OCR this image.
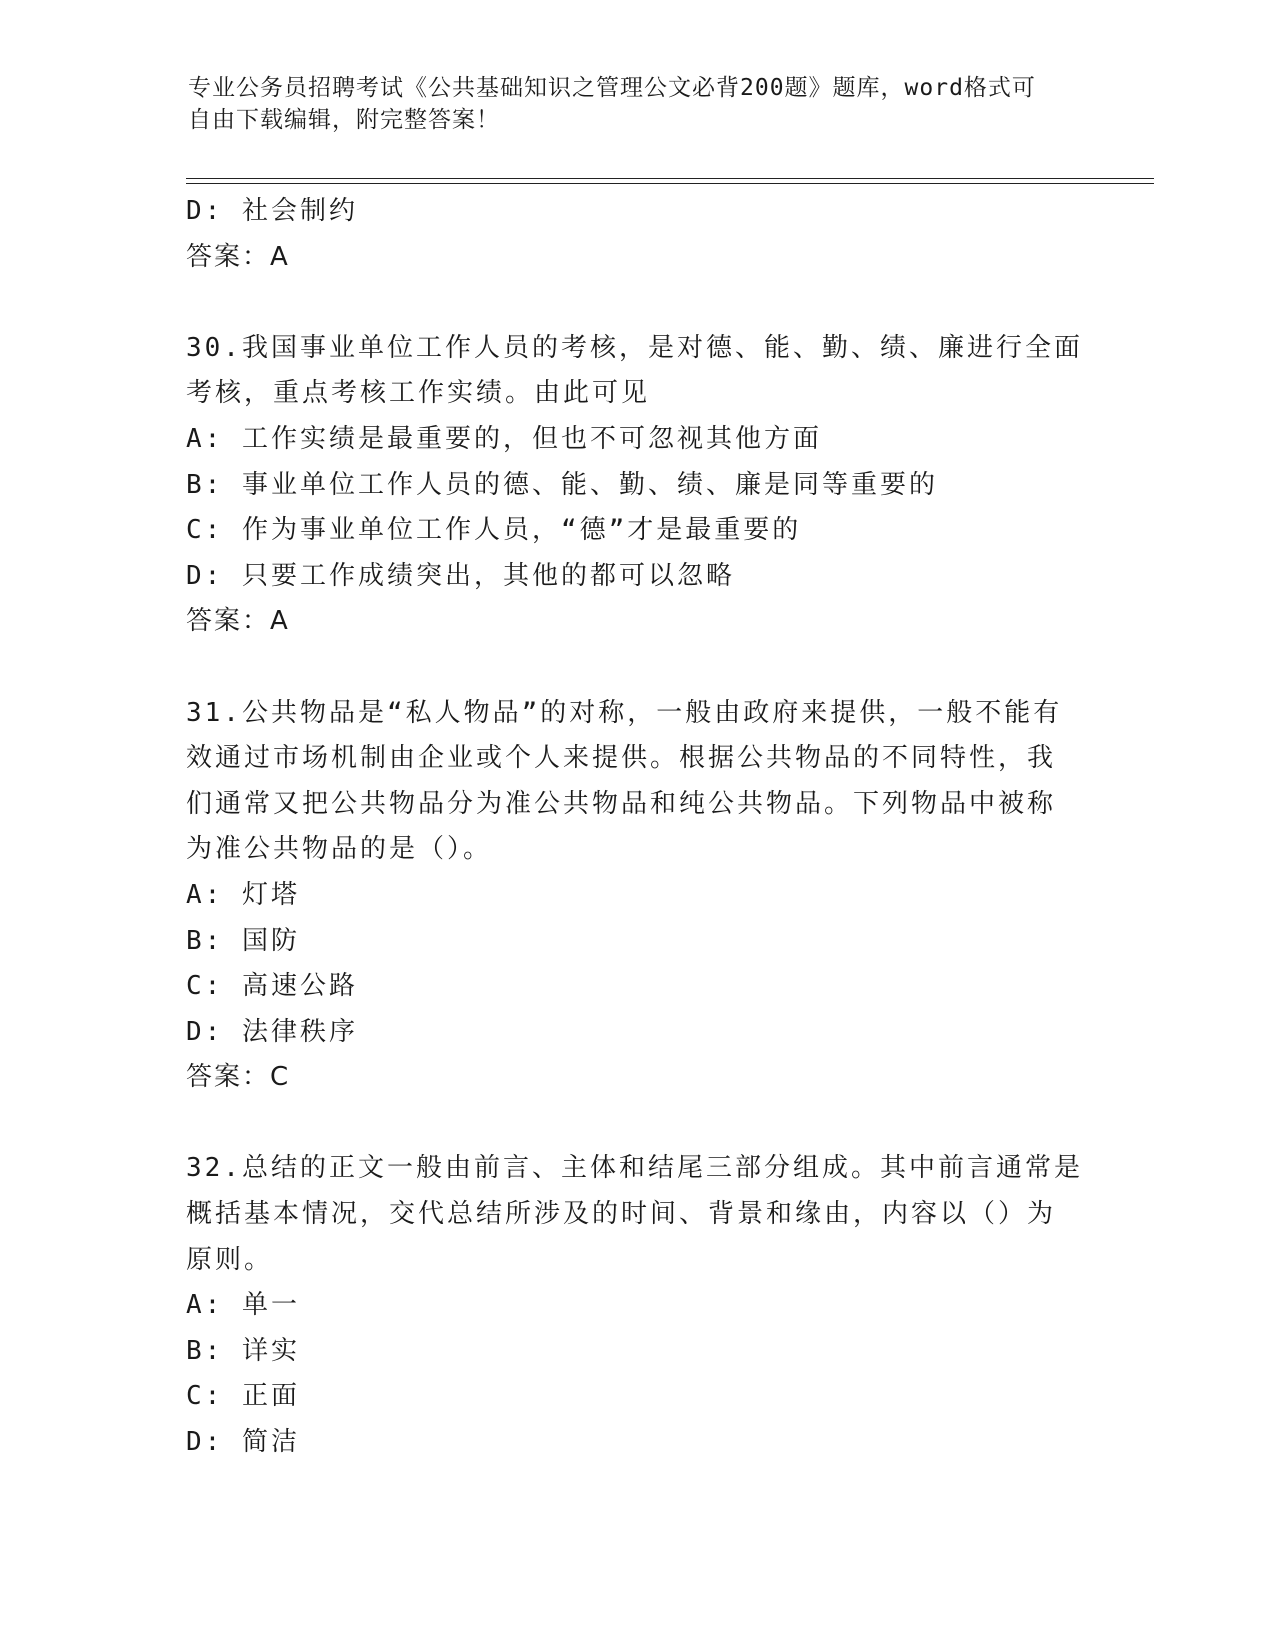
专业公务员招聘考试《公共基础知识之管理公文必背200题》题库，word格式可
自由下载编辑，附完整答案！
D: 社会制约
答案：A
30.我国事业单位工作人员的考核，是对德、能、勤、绩、廉进行全面
考核，重点考核工作实绩。由此可见
A: 工作实绩是最重要的，但也不可忽视其他方面
B: 事业单位工作人员的德、能、勤、绩、廉是同等重要的
C: 作为事业单位工作人员，“德”才是最重要的
D: 只要工作成绩突出，其他的都可以忽略
答案：A
31.公共物品是“私人物品”的对称，一般由政府来提供，一般不能有
效通过市场机制由企业或个人来提供。根据公共物品的不同特性，我
们通常又把公共物品分为准公共物品和纯公共物品。下列物品中被称
为准公共物品的是（）。
A: 灯塔
B: 国防
C: 高速公路
D: 法律秩序
答案：C
32.总结的正文一般由前言、主体和结尾三部分组成。其中前言通常是
概括基本情况，交代总结所涉及的时间、背景和缘由，内容以（）为
原则。
A: 单一
B: 详实
C: 正面
D: 简洁
